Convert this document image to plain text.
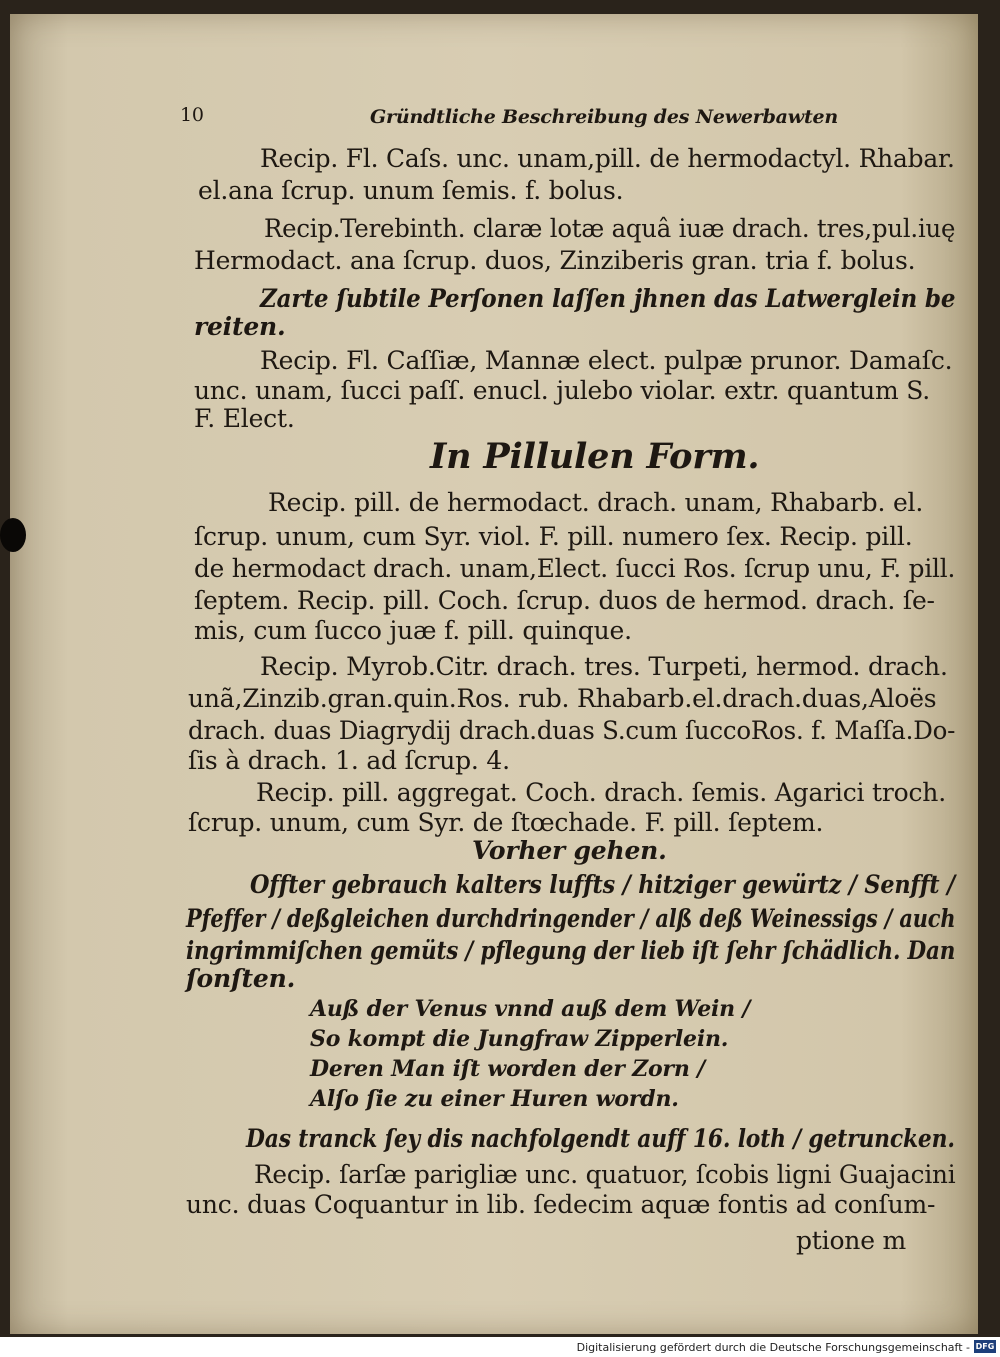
10	Gründtliche Beschreibung des Newerbawten
Recip. Fl. Caſs. unc. unam,pill. de hermodactyl. Rhabar.
el.ana ſcrup. unum ſemis. f. bolus.
Recip.Terebinth. claræ lotæ aquâ iuæ drach. tres,pul.iuę
Hermodact. ana ſcrup. duos, Zinziberis gran. tria f. bolus.
Zarte ſubtile Perſonen laſſen jhnen das Latwerglein be
reiten.
Recip. Fl. Caſſiæ, Mannæ elect. pulpæ prunor. Damaſc.
unc. unam, ſucci paſſ. enucl. julebo violar. extr. quantum S.
F. Elect.
In Pillulen Form.
Recip. pill. de hermodact. drach. unam, Rhabarb. el.
ſcrup. unum, cum Syr. viol. F. pill. numero ſex. Recip. pill.
de hermodact drach. unam,Elect. ſucci Ros. ſcrup unu, F. pill.
ſeptem. Recip. pill. Coch. ſcrup. duos de hermod. drach. ſe-
mis, cum ſucco juæ f. pill. quinque.
Recip. Myrob.Citr. drach. tres. Turpeti, hermod. drach.
unã,Zinzib.gran.quin.Ros. rub. Rhabarb.el.drach.duas,Aloës
drach. duas Diagrydij drach.duas S.cum ſuccoRos. f. Maſſa.Do-
ſis à drach. 1. ad ſcrup. 4.
Recip. pill. aggregat. Coch. drach. ſemis. Agarici troch.
ſcrup. unum, cum Syr. de ſtœchade. F. pill. ſeptem.
Vorher gehen.
Offter gebrauch kalters luffts / hitziger gewürtz / Senfft /
Pfeffer / deßgleichen durchdringender / alß deß Weinessigs / auch
ingrimmiſchen gemüts / pflegung der lieb iſt ſehr ſchädlich. Dan
ſonſten.
Auß der Venus vnnd auß dem Wein /
So kompt die Jungfraw Zipperlein.
Deren Man iſt worden der Zorn /
Alſo ſie zu einer Huren wordn.
Das tranck ſey dis nachfolgendt auff 16. loth / getruncken.
Recip. ſarſæ parigliæ unc. quatuor, ſcobis ligni Guajacini
unc. duas Coquantur in lib. ſedecim aquæ fontis ad conſum-
ptione m
Digitalisierung gefördert durch die Deutsche Forschungsgemeinschaft - DFG
